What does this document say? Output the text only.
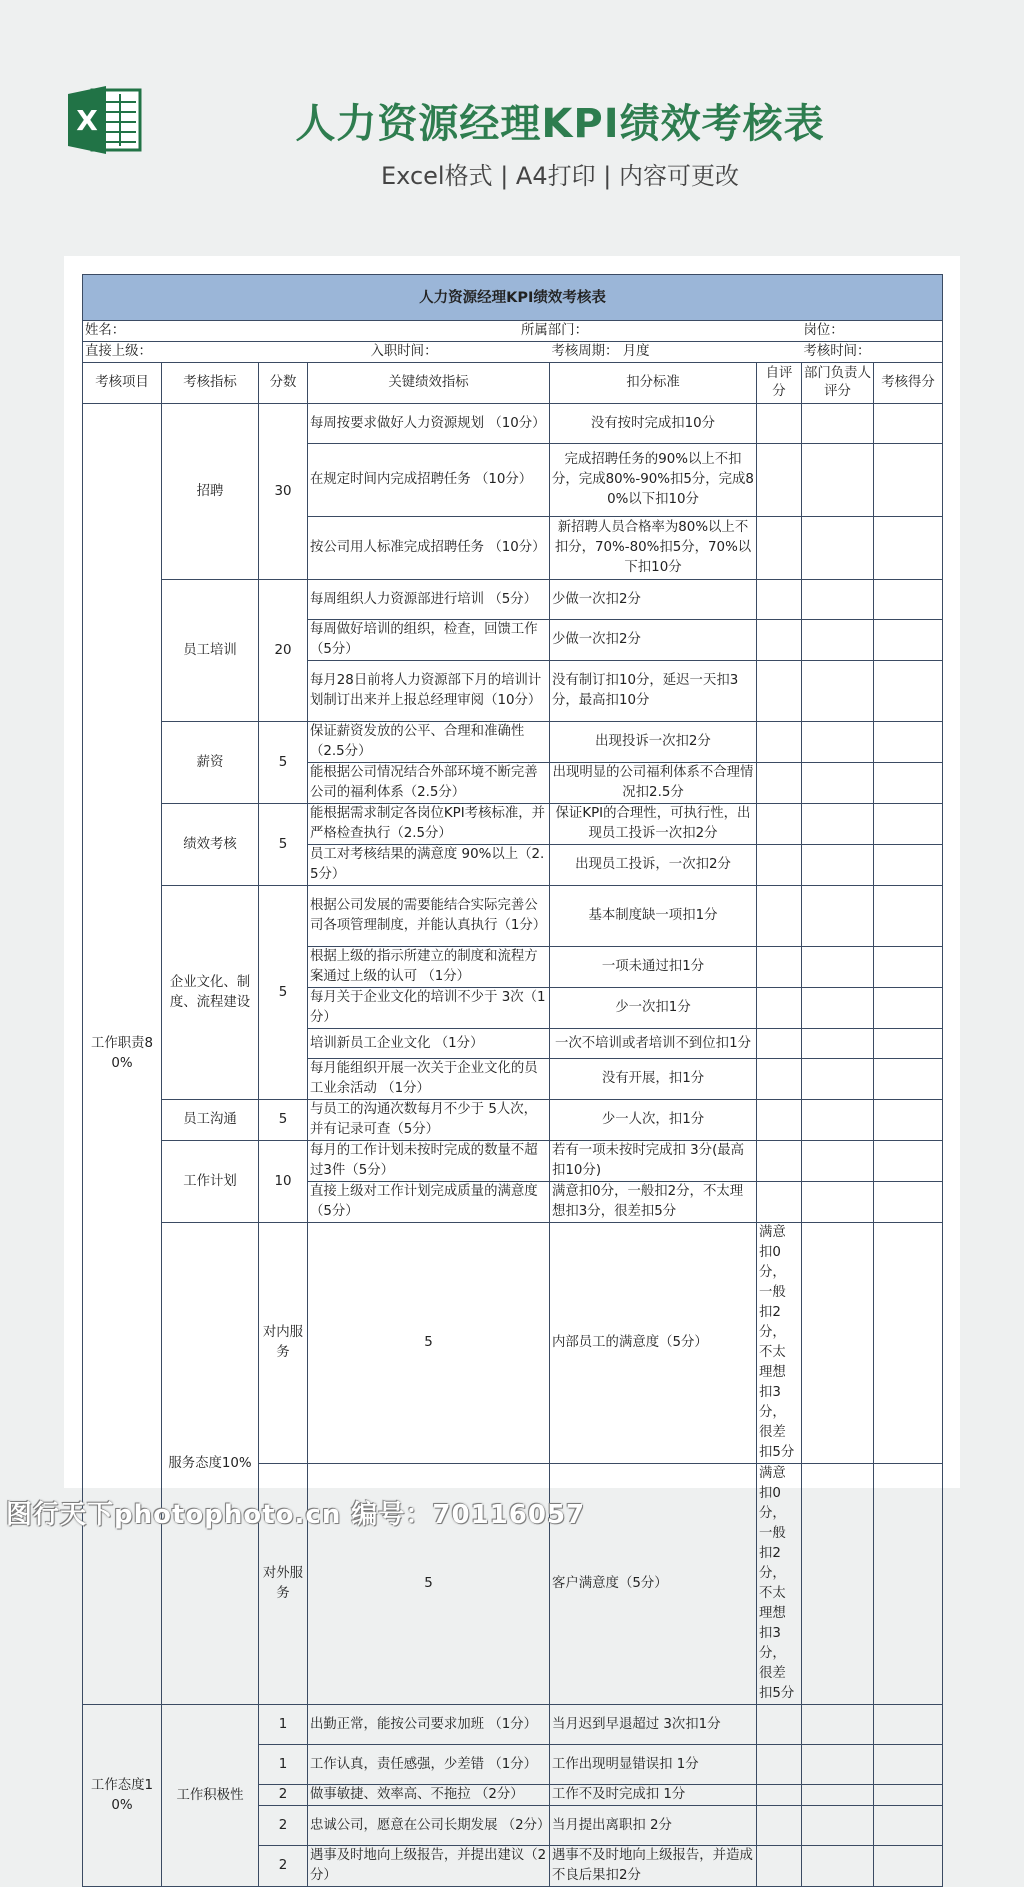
X	人力资源经理KPI绩效考核表
Excel格式 | A4打印 | 内容可更改
人力资源经理KPI绩效考核表								
姓名：			所属部门：			岗位：		
直接上级：		入职时间：		考核周期： 月度		考核时间：		
考核项目	考核指标	分数	关键绩效指标	扣分标准	自评分	部门负责人评分	考核得分	
工作职责80%	招聘	30	每周按要求做好人力资源规划 （10分）	没有按时完成扣10分				
			在规定时间内完成招聘任务 （10分）	完成招聘任务的90%以上不扣分，完成80%-90%扣5分，完成80%以下扣10分				
			按公司用人标准完成招聘任务 （10分）	新招聘人员合格率为80%以上不扣分，70%-80%扣5分，70%以下扣10分				
	员工培训	20	每周组织人力资源部进行培训 （5分）	少做一次扣2分				
			每周做好培训的组织，检查，回馈工作（5分）	少做一次扣2分				
			每月28日前将人力资源部下月的培训计划制订出来并上报总经理审阅（10分）	没有制订扣10分，延迟一天扣3分，最高扣10分				
	薪资	5	保证薪资发放的公平、合理和准确性（2.5分）	出现投诉一次扣2分				
			能根据公司情况结合外部环境不断完善公司的福利体系（2.5分）	出现明显的公司福利体系不合理情况扣2.5分				
	绩效考核	5	能根据需求制定各岗位KPI考核标准，并严格检查执行（2.5分）	保证KPI的合理性，可执行性，出现员工投诉一次扣2分				
			员工对考核结果的满意度 90%以上（2.5分）	出现员工投诉，一次扣2分				
	企业文化、制度、流程建设	5	根据公司发展的需要能结合实际完善公司各项管理制度，并能认真执行（1分）	基本制度缺一项扣1分				
			根据上级的指示所建立的制度和流程方案通过上级的认可 （1分）	一项未通过扣1分				
			每月关于企业文化的培训不少于 3次（1分）	少一次扣1分				
			培训新员工企业文化 （1分）	一次不培训或者培训不到位扣1分				
			每月能组织开展一次关于企业文化的员工业余活动 （1分）	没有开展，扣1分				
	员工沟通	5	与员工的沟通次数每月不少于 5人次，并有记录可查（5分）	少一人次，扣1分				
	工作计划	10	每月的工作计划未按时完成的数量不超过3件（5分）	若有一项未按时完成扣 3分(最高扣10分)				
			直接上级对工作计划完成质量的满意度（5分）	满意扣0分，一般扣2分，不太理想扣3分，很差扣5分				
	服务态度10%	对内服务	5	内部员工的满意度（5分）	满意扣0分，一般扣2分，不太理想扣3分，很差扣5分			
		对外服务	5	客户满意度（5分）	满意扣0分，一般扣2分，不太理想扣3分，很差扣5分			
工作态度10%	工作积极性	1	出勤正常，能按公司要求加班 （1分）	当月迟到早退超过 3次扣1分				
		1	工作认真，责任感强，少差错 （1分）	工作出现明显错误扣 1分				
		2	做事敏捷、效率高、不拖拉 （2分）	工作不及时完成扣 1分				
		2	忠诚公司，愿意在公司长期发展 （2分）	当月提出离职扣 2分				
		2	遇事及时地向上级报告，并提出建议（2分）	遇事不及时地向上级报告，并造成不良后果扣2分				
图行天下photophoto.cn 编号：70116057
